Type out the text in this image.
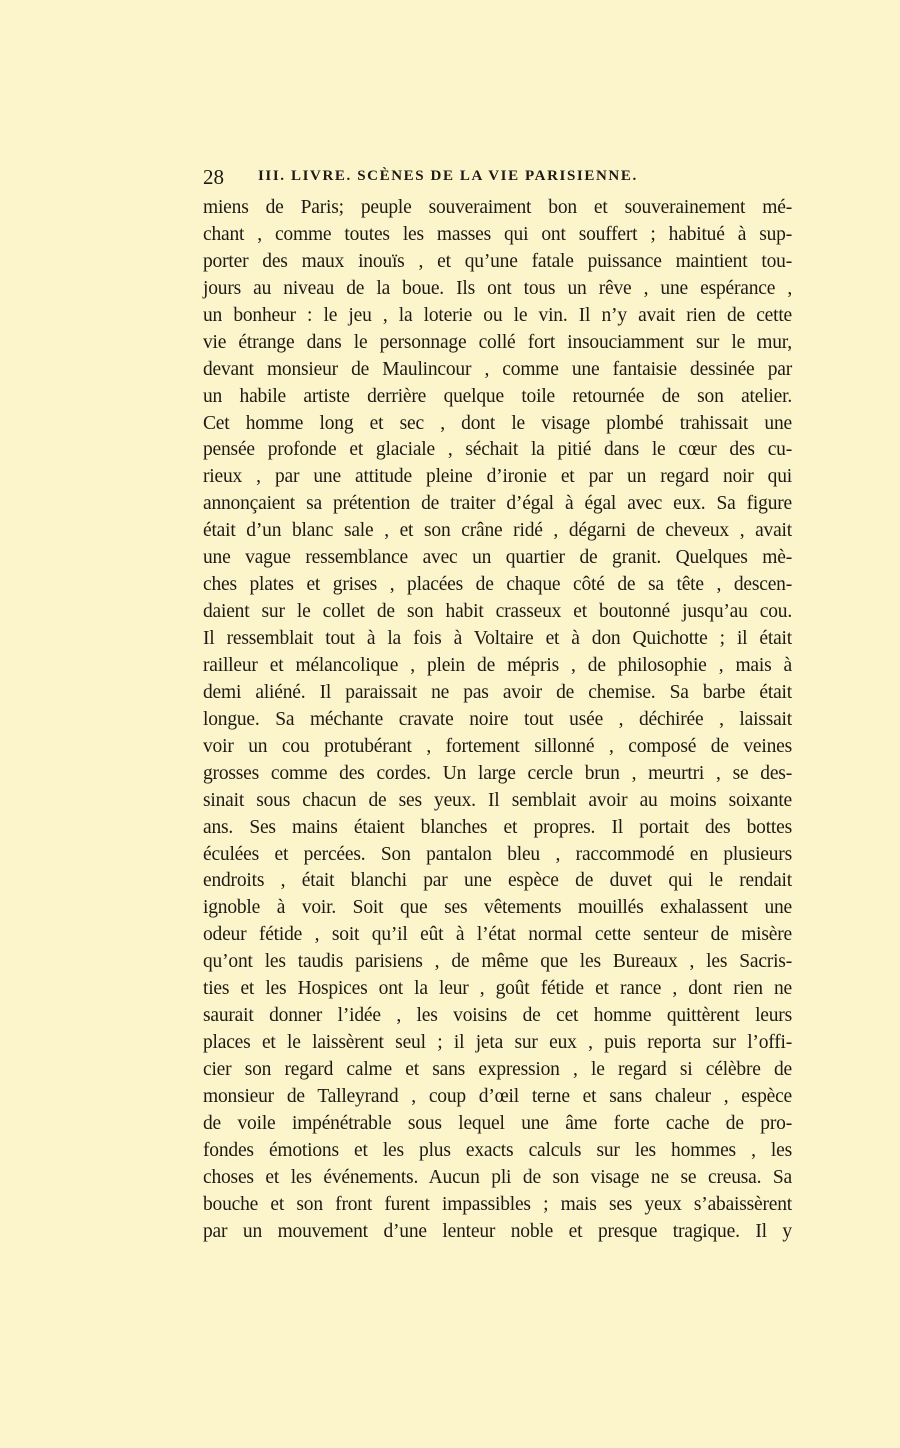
28 III. LIVRE. SCÈNES DE LA VIE PARISIENNE.
miens de Paris; peuple souveraiment bon et souverainement mé-
chant , comme toutes les masses qui ont souffert ; habitué à sup-
porter des maux inouïs , et qu’une fatale puissance maintient tou-
jours au niveau de la boue. Ils ont tous un rêve , une espérance ,
un bonheur : le jeu , la loterie ou le vin. Il n’y avait rien de cette
vie étrange dans le personnage collé fort insouciamment sur le mur,
devant monsieur de Maulincour , comme une fantaisie dessinée par
un habile artiste derrière quelque toile retournée de son atelier.
Cet homme long et sec , dont le visage plombé trahissait une
pensée profonde et glaciale , séchait la pitié dans le cœur des cu-
rieux , par une attitude pleine d’ironie et par un regard noir qui
annonçaient sa prétention de traiter d’égal à égal avec eux. Sa figure
était d’un blanc sale , et son crâne ridé , dégarni de cheveux , avait
une vague ressemblance avec un quartier de granit. Quelques mè-
ches plates et grises , placées de chaque côté de sa tête , descen-
daient sur le collet de son habit crasseux et boutonné jusqu’au cou.
Il ressemblait tout à la fois à Voltaire et à don Quichotte ; il était
railleur et mélancolique , plein de mépris , de philosophie , mais à
demi aliéné. Il paraissait ne pas avoir de chemise. Sa barbe était
longue. Sa méchante cravate noire tout usée , déchirée , laissait
voir un cou protubérant , fortement sillonné , composé de veines
grosses comme des cordes. Un large cercle brun , meurtri , se des-
sinait sous chacun de ses yeux. Il semblait avoir au moins soixante
ans. Ses mains étaient blanches et propres. Il portait des bottes
éculées et percées. Son pantalon bleu , raccommodé en plusieurs
endroits , était blanchi par une espèce de duvet qui le rendait
ignoble à voir. Soit que ses vêtements mouillés exhalassent une
odeur fétide , soit qu’il eût à l’état normal cette senteur de misère
qu’ont les taudis parisiens , de même que les Bureaux , les Sacris-
ties et les Hospices ont la leur , goût fétide et rance , dont rien ne
saurait donner l’idée , les voisins de cet homme quittèrent leurs
places et le laissèrent seul ; il jeta sur eux , puis reporta sur l’offi-
cier son regard calme et sans expression , le regard si célèbre de
monsieur de Talleyrand , coup d’œil terne et sans chaleur , espèce
de voile impénétrable sous lequel une âme forte cache de pro-
fondes émotions et les plus exacts calculs sur les hommes , les
choses et les événements. Aucun pli de son visage ne se creusa. Sa
bouche et son front furent impassibles ; mais ses yeux s’abaissèrent
par un mouvement d’une lenteur noble et presque tragique. Il y
